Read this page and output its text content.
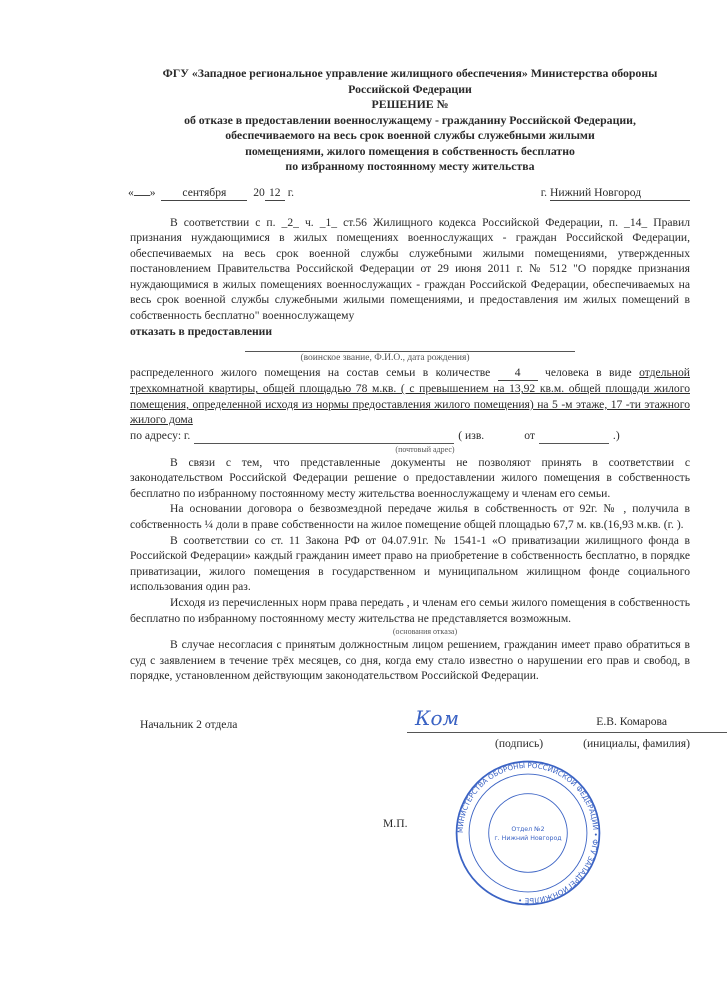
ФГУ «Западное региональное управление жилищного обеспечения» Министерства обороны
Российской Федерации
РЕШЕНИЕ №
об отказе в предоставлении военнослужащему - гражданину Российской Федерации,
обеспечиваемого на весь срок военной службы служебными жилыми
помещениями, жилого помещения в собственность бесплатно
по избранному постоянному месту жительства
« » сентября 20 12 г.	г. Нижний Новгород

В соответствии с п. _2_ ч. _1_ ст.56 Жилищного кодекса Российской Федерации, п. _14_ Правил признания нуждающимися в жилых помещениях военнослужащих - граждан Российской Федерации, обеспечиваемых на весь срок военной службы служебными жилыми помещениями, утвержденных постановлением Правительства Российской Федерации от 29 июня 2011 г. № 512 "О порядке признания нуждающимися в жилых помещениях военнослужащих - граждан Российской Федерации, обеспечиваемых на весь срок военной службы служебными жилыми помещениями, и предоставления им жилых помещений в собственность бесплатно" военнослужащему

отказать в предоставлении

(воинское звание, Ф.И.О., дата рождения)

распределенного жилого помещения на состав семьи в количестве 4 человека в виде отдельной трехкомнатной квартиры, общей площадью 78 м.кв. ( с превышением на 13,92 кв.м. общей площади жилого помещения, определенной исходя из нормы предоставления жилого помещения) на 5 -м этаже, 17 -ти этажного жилого дома

по адресу: г.	( изв.	от	.)
(почтовый адрес)

В связи с тем, что представленные документы не позволяют принять в соответствии с законодательством Российской Федерации решение о предоставлении жилого помещения в собственность бесплатно по избранному постоянному месту жительства военнослужащему и членам его семьи.

На основании договора о безвозмездной передаче жилья в собственность от 92г. № , получила в собственность ¼ доли в праве собственности на жилое помещение общей площадью 67,7 м. кв.(16,93 м.кв. (г. ).

В соответствии со ст. 11 Закона РФ от 04.07.91г. № 1541-1 «О приватизации жилищного фонда в Российской Федерации» каждый гражданин имеет право на приобретение в собственность бесплатно, в порядке приватизации, жилого помещения в государственном и муниципальном жилищном фонде социального использования один раз.

Исходя из перечисленных норм права передать , и членам его семьи жилого помещения в собственность бесплатно по избранному постоянному месту жительства не представляется возможным.

(основания отказа)

В случае несогласия с принятым должностным лицом решением, гражданин имеет право обратиться в суд с заявлением в течение трёх месяцев, со дня, когда ему стало известно о нарушении его прав и свобод, в порядке, установленном действующим законодательством Российской Федерации.

Начальник 2 отдела	Ком	Е.В. Комарова
(подпись)	(инициалы, фамилия)
М.П.	МИНИСТЕРСТВА ОБОРОНЫ РОССИЙСКОЙ ФЕДЕРАЦИИ • ФГУ ЗАПАДРЕГИОНЖИЛЬЁ •
Отдел №2
г. Нижний Новгород
